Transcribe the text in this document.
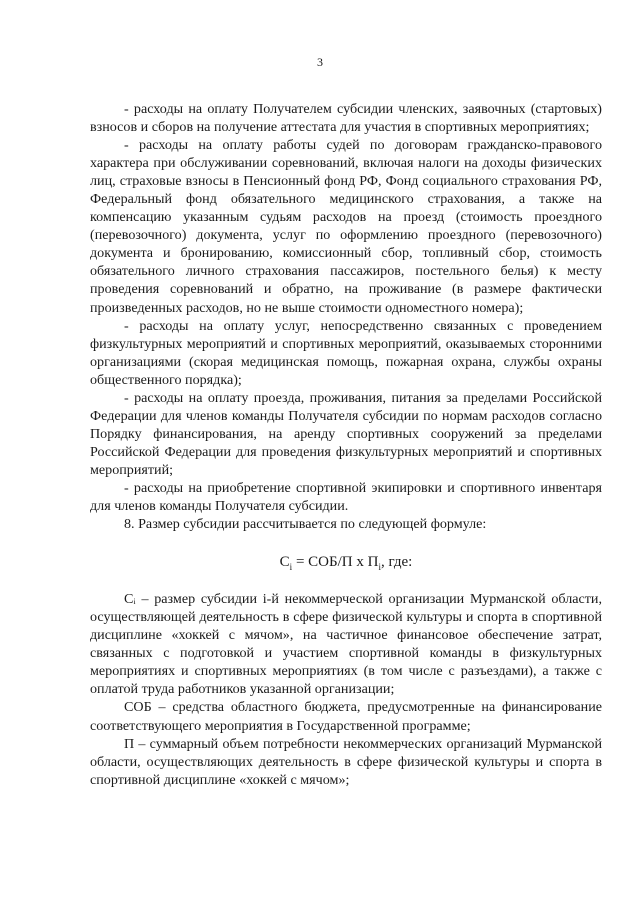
3

- расходы на оплату Получателем субсидии членских, заявочных (стартовых) взносов и сборов на получение аттестата для участия в спортивных мероприятиях;

- расходы на оплату работы судей по договорам гражданско-правового характера при обслуживании соревнований, включая налоги на доходы физических лиц, страховые взносы в Пенсионный фонд РФ, Фонд социального страхования РФ, Федеральный фонд обязательного медицинского страхования, а также на компенсацию указанным судьям расходов на проезд (стоимость проездного (перевозочного) документа, услуг по оформлению проездного (перевозочного) документа и бронированию, комиссионный сбор, топливный сбор, стоимость обязательного личного страхования пассажиров, постельного белья) к месту проведения соревнований и обратно, на проживание (в размере фактически произведенных расходов, но не выше стоимости одноместного номера);

- расходы на оплату услуг, непосредственно связанных с проведением физкультурных мероприятий и спортивных мероприятий, оказываемых сторонними организациями (скорая медицинская помощь, пожарная охрана, службы охраны общественного порядка);

- расходы на оплату проезда, проживания, питания за пределами Российской Федерации для членов команды Получателя субсидии по нормам расходов согласно Порядку финансирования, на аренду спортивных сооружений за пределами Российской Федерации для проведения физкультурных мероприятий и спортивных мероприятий;

- расходы на приобретение спортивной экипировки и спортивного инвентаря для членов команды Получателя субсидии.

8. Размер субсидии рассчитывается по следующей формуле:

$С_i = СОБ/П$ х $П_i$, где:

Сᵢ – размер субсидии i-й некоммерческой организации Мурманской области, осуществляющей деятельность в сфере физической культуры и спорта в спортивной дисциплине «хоккей с мячом», на частичное финансовое обеспечение затрат, связанных с подготовкой и участием спортивной команды в физкультурных мероприятиях и спортивных мероприятиях (в том числе с разъездами), а также с оплатой труда работников указанной организации;

СОБ – средства областного бюджета, предусмотренные на финансирование соответствующего мероприятия в Государственной программе;

П – суммарный объем потребности некоммерческих организаций Мурманской области, осуществляющих деятельность в сфере физической культуры и спорта в спортивной дисциплине «хоккей с мячом»;
